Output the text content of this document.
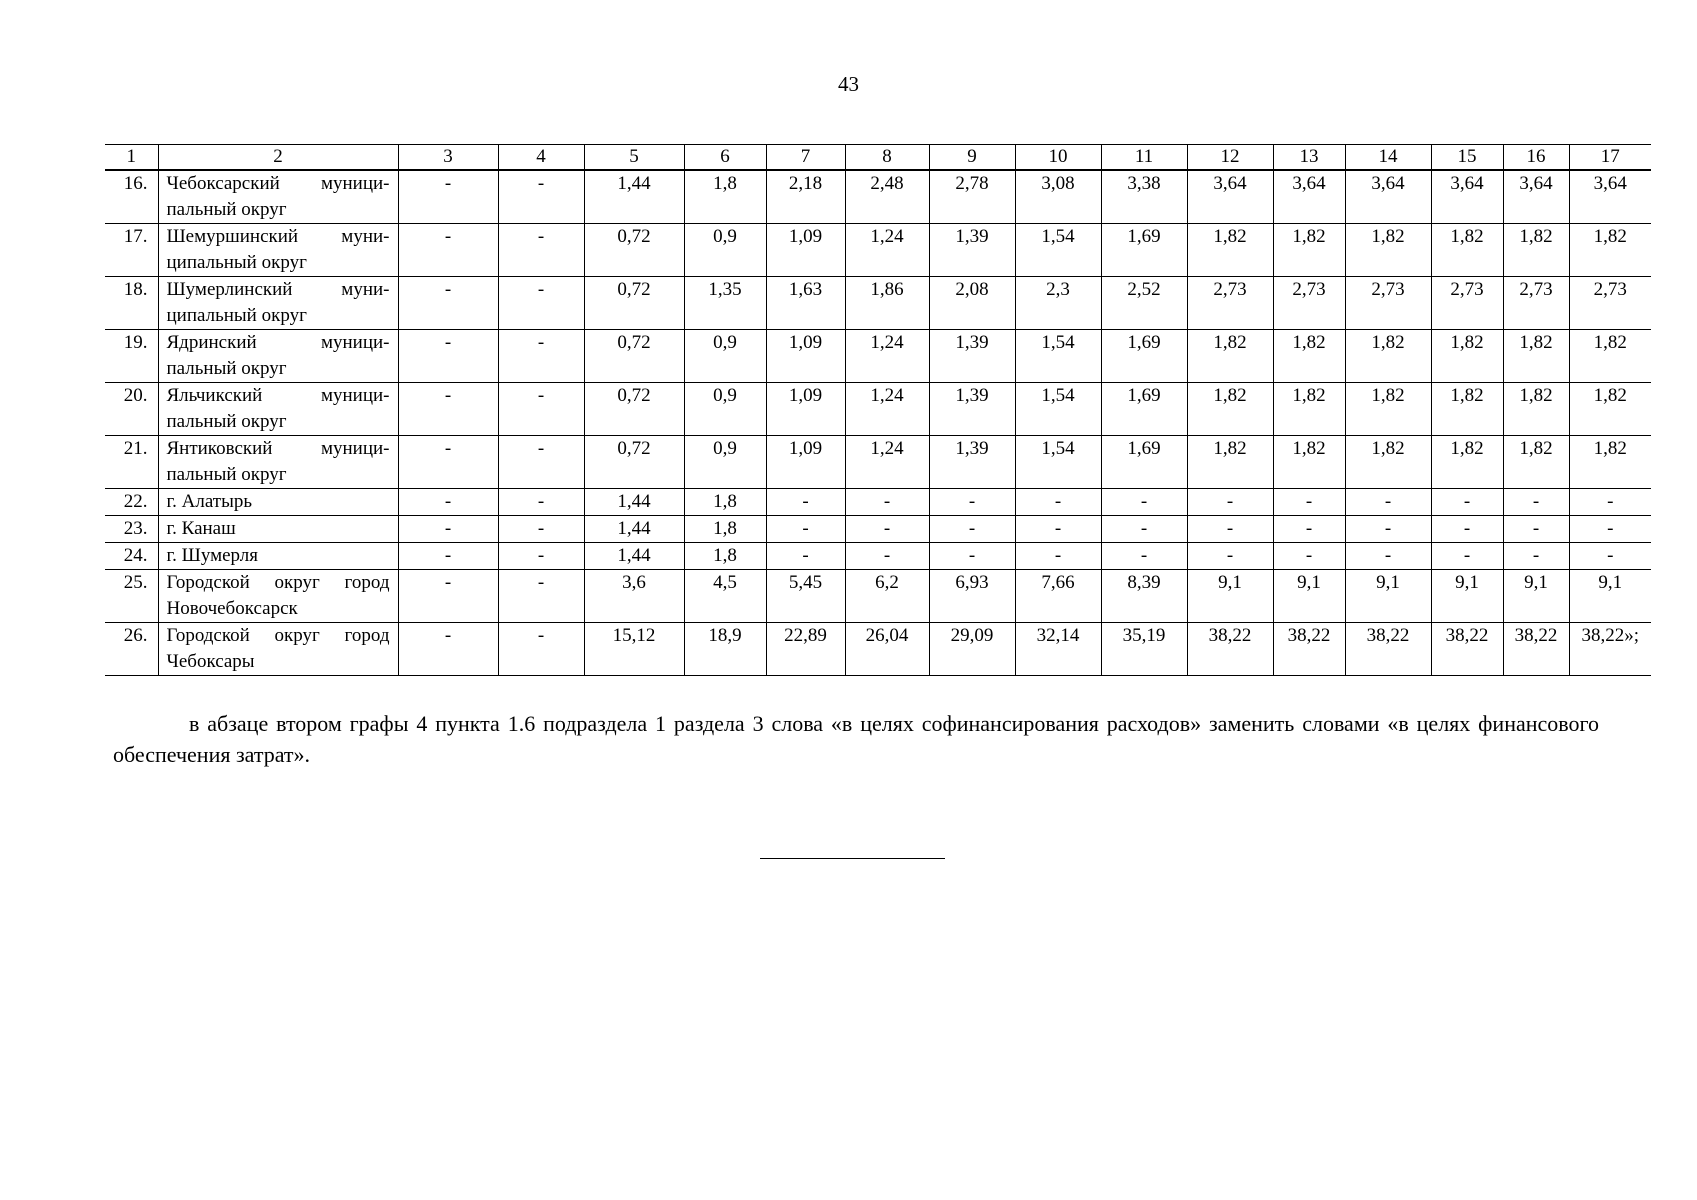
43
1	2	3	4	5	6	7	8	9	10	11	12	13	14	15	16	17
16.	Чебоксарский муници-пальный округ	-	-	1,44	1,8	2,18	2,48	2,78	3,08	3,38	3,64	3,64	3,64	3,64	3,64	3,64
17.	Шемуршинский муни-ципальный округ	-	-	0,72	0,9	1,09	1,24	1,39	1,54	1,69	1,82	1,82	1,82	1,82	1,82	1,82
18.	Шумерлинский муни-ципальный округ	-	-	0,72	1,35	1,63	1,86	2,08	2,3	2,52	2,73	2,73	2,73	2,73	2,73	2,73
19.	Ядринский муници-пальный округ	-	-	0,72	0,9	1,09	1,24	1,39	1,54	1,69	1,82	1,82	1,82	1,82	1,82	1,82
20.	Яльчикский муници-пальный округ	-	-	0,72	0,9	1,09	1,24	1,39	1,54	1,69	1,82	1,82	1,82	1,82	1,82	1,82
21.	Янтиковский муници-пальный округ	-	-	0,72	0,9	1,09	1,24	1,39	1,54	1,69	1,82	1,82	1,82	1,82	1,82	1,82
22.	г. Алатырь	-	-	1,44	1,8	-	-	-	-	-	-	-	-	-	-	-
23.	г. Канаш	-	-	1,44	1,8	-	-	-	-	-	-	-	-	-	-	-
24.	г. Шумерля	-	-	1,44	1,8	-	-	-	-	-	-	-	-	-	-	-
25.	Городской округ город Новочебоксарск	-	-	3,6	4,5	5,45	6,2	6,93	7,66	8,39	9,1	9,1	9,1	9,1	9,1	9,1
26.	Городской округ город Чебоксары	-	-	15,12	18,9	22,89	26,04	29,09	32,14	35,19	38,22	38,22	38,22	38,22	38,22	38,22»;
в абзаце втором графы 4 пункта 1.6 подраздела 1 раздела 3 слова «в целях софинансирования расходов» заменить словами «в целях финансового обеспечения затрат».
